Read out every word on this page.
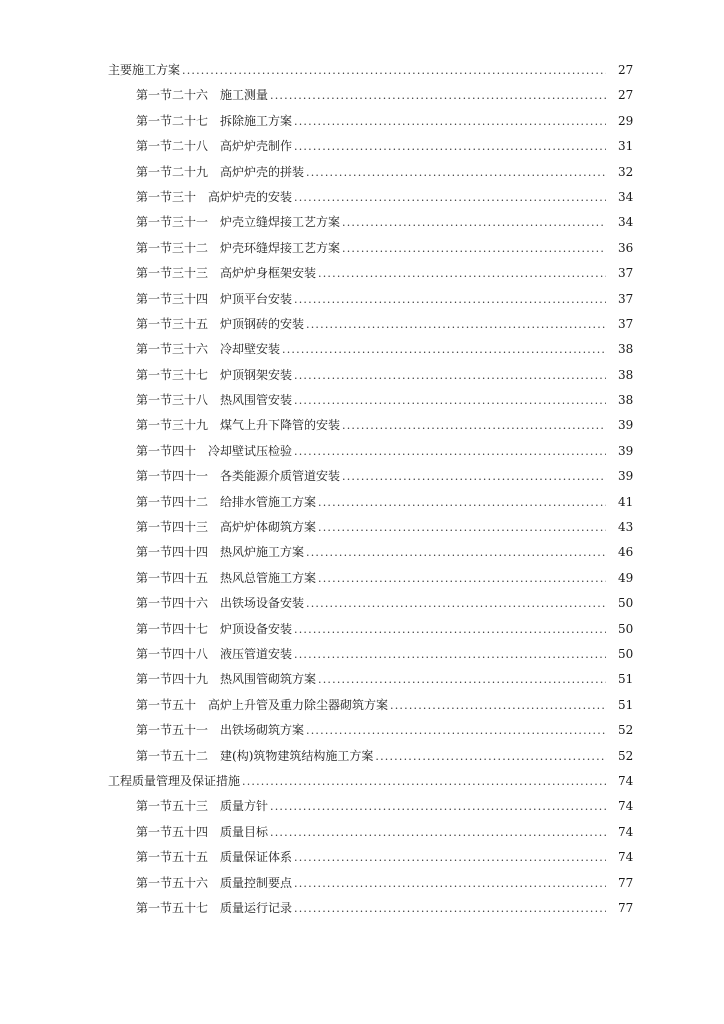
主要施工方案 .....	27
第一节二十六 施工测量 .....	27
第一节二十七 拆除施工方案 .....	29
第一节二十八 高炉炉壳制作 .....	31
第一节二十九 高炉炉壳的拼装 .....	32
第一节三十 高炉炉壳的安装 .....	34
第一节三十一 炉壳立缝焊接工艺方案 .....	34
第一节三十二 炉壳环缝焊接工艺方案 .....	36
第一节三十三 高炉炉身框架安装 .....	37
第一节三十四 炉顶平台安装 .....	37
第一节三十五 炉顶钢砖的安装 .....	37
第一节三十六 冷却壁安装 .....	38
第一节三十七 炉顶钢架安装 .....	38
第一节三十八 热风围管安装 .....	38
第一节三十九 煤气上升下降管的安装 .....	39
第一节四十 冷却壁试压检验 .....	39
第一节四十一 各类能源介质管道安装 .....	39
第一节四十二 给排水管施工方案 .....	41
第一节四十三 高炉炉体砌筑方案 .....	43
第一节四十四 热风炉施工方案 .....	46
第一节四十五 热风总管施工方案 .....	49
第一节四十六 出铁场设备安装 .....	50
第一节四十七 炉顶设备安装 .....	50
第一节四十八 液压管道安装 .....	50
第一节四十九 热风围管砌筑方案 .....	51
第一节五十 高炉上升管及重力除尘器砌筑方案 .....	51
第一节五十一 出铁场砌筑方案 .....	52
第一节五十二 建(构)筑物建筑结构施工方案 .....	52
工程质量管理及保证措施 .....	74
第一节五十三 质量方针 .....	74
第一节五十四 质量目标 .....	74
第一节五十五 质量保证体系 .....	74
第一节五十六 质量控制要点 .....	77
第一节五十七 质量运行记录 .....	77
